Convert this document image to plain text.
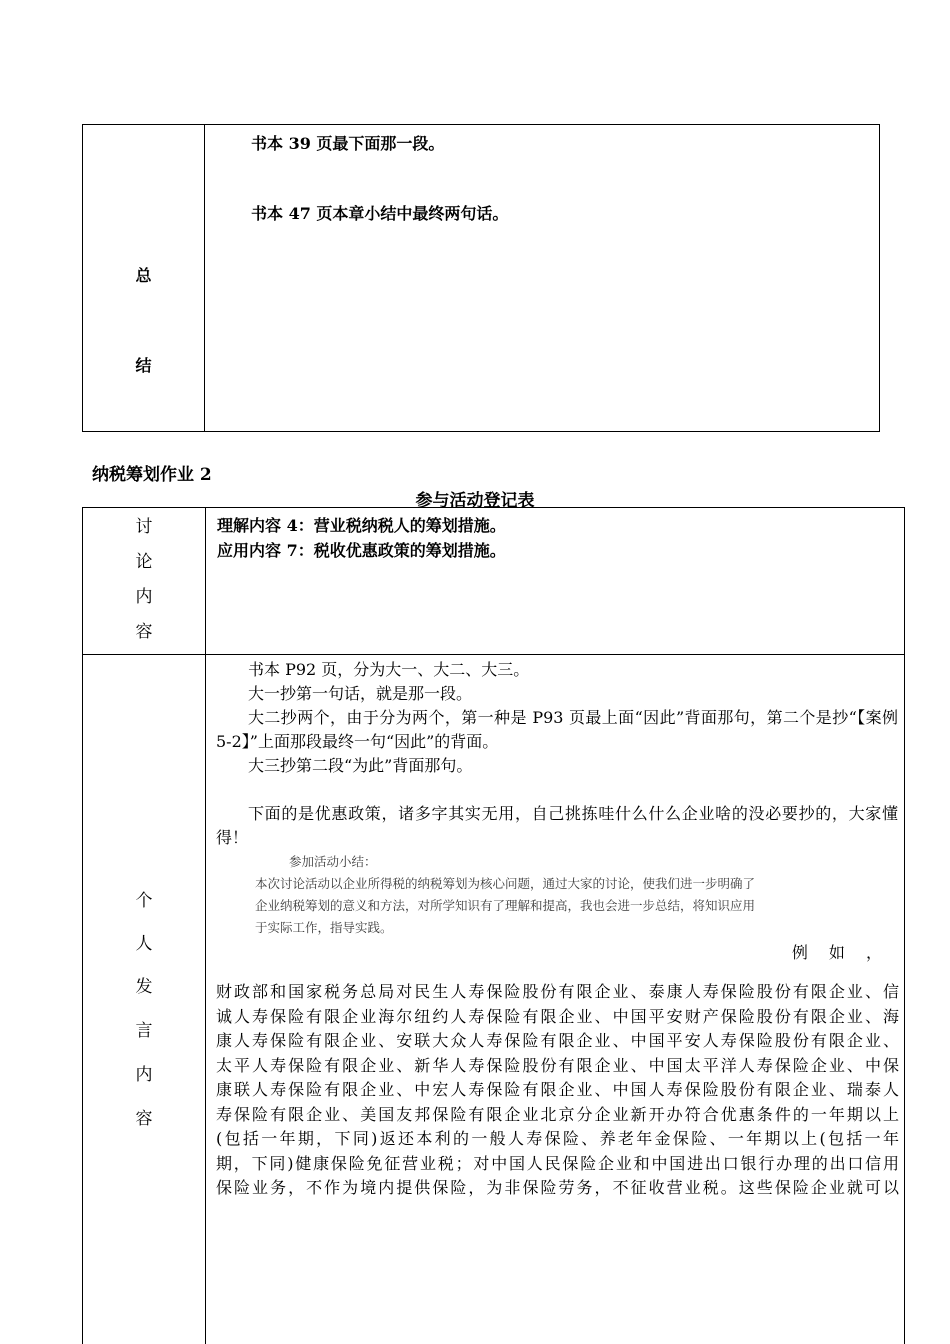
总
结
书本 39 页最下面那一段。
书本 47 页本章小结中最终两句话。
纳税筹划作业 2
参与活动登记表
讨
论
内
容
理解内容 4：营业税纳税人的筹划措施。
应用内容 7：税收优惠政策的筹划措施。
个
人
发
言
内
容

书本 P92 页，分为大一、大二、大三。

大一抄第一句话，就是那一段。

大二抄两个，由于分为两个，第一种是 P93 页最上面“因此”背面那句，第二个是抄“【案例 5-2】”上面那段最终一句“因此”的背面。

大三抄第二段“为此”背面那句。

下面的是优惠政策，诸多字其实无用，自己挑拣哇什么什么企业啥的没必要抄的，大家懂得！

参加活动小结：
本次讨论活动以企业所得税的纳税筹划为核心问题，通过大家的讨论，使我们进一步明确了
企业纳税筹划的意义和方法，对所学知识有了理解和提高，我也会进一步总结，将知识应用
于实际工作，指导实践。
例 如 ，
财政部和国家税务总局对民生人寿保险股份有限企业、泰康人寿保险股份有限企业、信
诚人寿保险有限企业海尔纽约人寿保险有限企业、中国平安财产保险股份有限企业、海
康人寿保险有限企业、安联大众人寿保险有限企业、中国平安人寿保险股份有限企业、
太平人寿保险有限企业、新华人寿保险股份有限企业、中国太平洋人寿保险企业、中保
康联人寿保险有限企业、中宏人寿保险有限企业、中国人寿保险股份有限企业、瑞泰人
寿保险有限企业、美国友邦保险有限企业北京分企业新开办符合优惠条件的一年期以上
(包括一年期，下同)返还本利的一般人寿保险、养老年金保险、一年期以上(包括一年
期，下同)健康保险免征营业税；对中国人民保险企业和中国进出口银行办理的出口信用
保险业务，不作为境内提供保险，为非保险劳务，不征收营业税。这些保险企业就可以
